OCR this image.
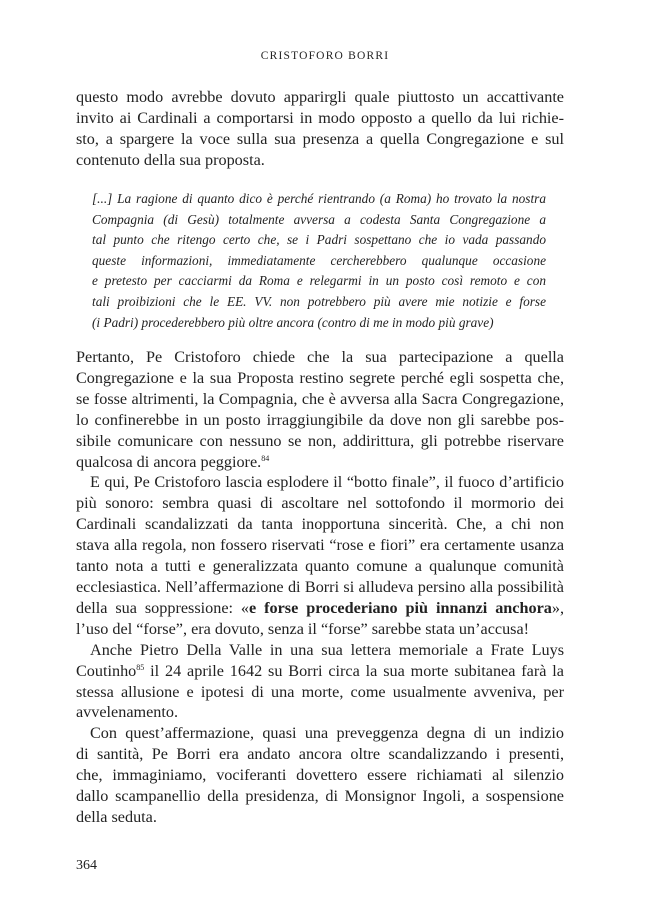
CRISTOFORO BORRI

questo modo avrebbe dovuto apparirgli quale piuttosto un accattivante
invito ai Cardinali a comportarsi in modo opposto a quello da lui richie-
sto, a spargere la voce sulla sua presenza a quella Congregazione e sul
contenuto della sua proposta.

[...] La ragione di quanto dico è perché rientrando (a Roma) ho trovato la nostra
Compagnia (di Gesù) totalmente avversa a codesta Santa Congregazione a
tal punto che ritengo certo che, se i Padri sospettano che io vada passando
queste informazioni, immediatamente cercherebbero qualunque occasione
e pretesto per cacciarmi da Roma e relegarmi in un posto così remoto e con
tali proibizioni che le EE. VV. non potrebbero più avere mie notizie e forse
(i Padri) procederebbero più oltre ancora (contro di me in modo più grave)

Pertanto, Pe Cristoforo chiede che la sua partecipazione a quella
Congregazione e la sua Proposta restino segrete perché egli sospetta che,
se fosse altrimenti, la Compagnia, che è avversa alla Sacra Congregazione,
lo confinerebbe in un posto irraggiungibile da dove non gli sarebbe pos-
sibile comunicare con nessuno se non, addirittura, gli potrebbe riservare
qualcosa di ancora peggiore.$^{84}$

E qui, Pe Cristoforo lascia esplodere il “botto finale”, il fuoco d’artificio
più sonoro: sembra quasi di ascoltare nel sottofondo il mormorio dei
Cardinali scandalizzati da tanta inopportuna sincerità. Che, a chi non
stava alla regola, non fossero riservati “rose e fiori” era certamente usanza
tanto nota a tutti e generalizzata quanto comune a qualunque comunità
ecclesiastica. Nell’affermazione di Borri si alludeva persino alla possibilità
della sua soppressione: «e forse procederiano più innanzi anchora»,
l’uso del “forse”, era dovuto, senza il “forse” sarebbe stata un’accusa!

Anche Pietro Della Valle in una sua lettera memoriale a Frate Luys
Coutinho$^{85}$ il 24 aprile 1642 su Borri circa la sua morte subitanea farà la
stessa allusione e ipotesi di una morte, come usualmente avveniva, per
avvelenamento.

Con quest’affermazione, quasi una preveggenza degna di un indizio
di santità, Pe Borri era andato ancora oltre scandalizzando i presenti,
che, immaginiamo, vociferanti dovettero essere richiamati al silenzio
dallo scampanellio della presidenza, di Monsignor Ingoli, a sospensione
della seduta.

364
